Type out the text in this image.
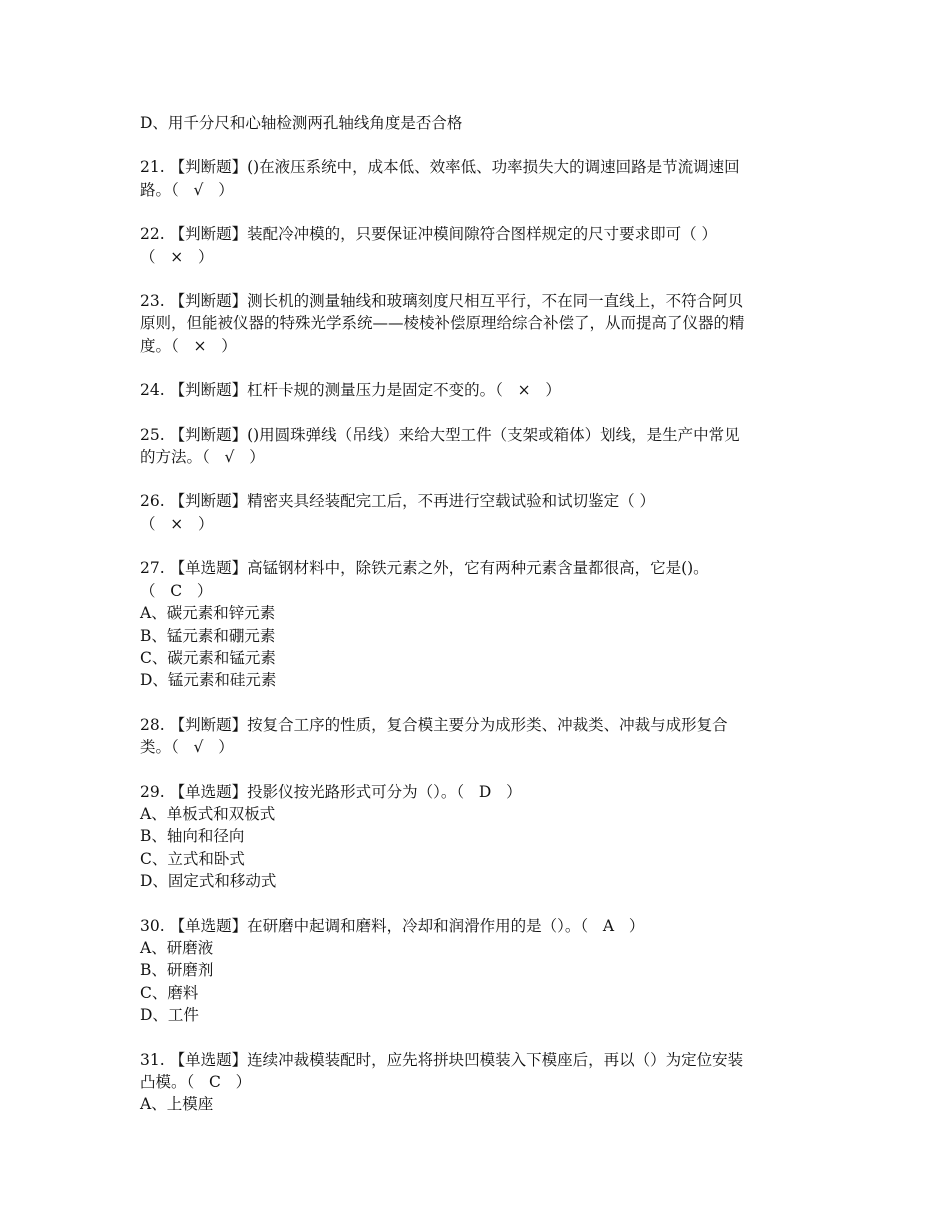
D、用千分尺和心轴检测两孔轴线角度是否合格

21. 【判断题】()在液压系统中，成本低、效率低、功率损失大的调速回路是节流调速回

路。（   √   ）

22. 【判断题】装配冷冲模的，只要保证冲模间隙符合图样规定的尺寸要求即可（ ）

（   ×   ）

23. 【判断题】测长机的测量轴线和玻璃刻度尺相互平行，不在同一直线上，不符合阿贝

原则，但能被仪器的特殊光学系统——棱棱补偿原理给综合补偿了，从而提高了仪器的精

度。（   ×   ）

24. 【判断题】杠杆卡规的测量压力是固定不变的。（   ×   ）

25. 【判断题】()用圆珠弹线（吊线）来给大型工件（支架或箱体）划线，是生产中常见

的方法。（   √   ）

26. 【判断题】精密夹具经装配完工后，不再进行空载试验和试切鉴定（ ）

（   ×   ）

27. 【单选题】高锰钢材料中，除铁元素之外，它有两种元素含量都很高，它是()。

（   C   ）

A、碳元素和锌元素

B、锰元素和硼元素

C、碳元素和锰元素

D、锰元素和硅元素

28. 【判断题】按复合工序的性质，复合模主要分为成形类、冲裁类、冲裁与成形复合

类。（   √   ）

29. 【单选题】投影仪按光路形式可分为（）。（   D   ）

A、单板式和双板式

B、轴向和径向

C、立式和卧式

D、固定式和移动式

30. 【单选题】在研磨中起调和磨料，冷却和润滑作用的是（）。（   A   ）

A、研磨液

B、研磨剂

C、磨料

D、工件

31. 【单选题】连续冲裁模装配时，应先将拼块凹模装入下模座后，再以（）为定位安装

凸模。（   C   ）

A、上模座
